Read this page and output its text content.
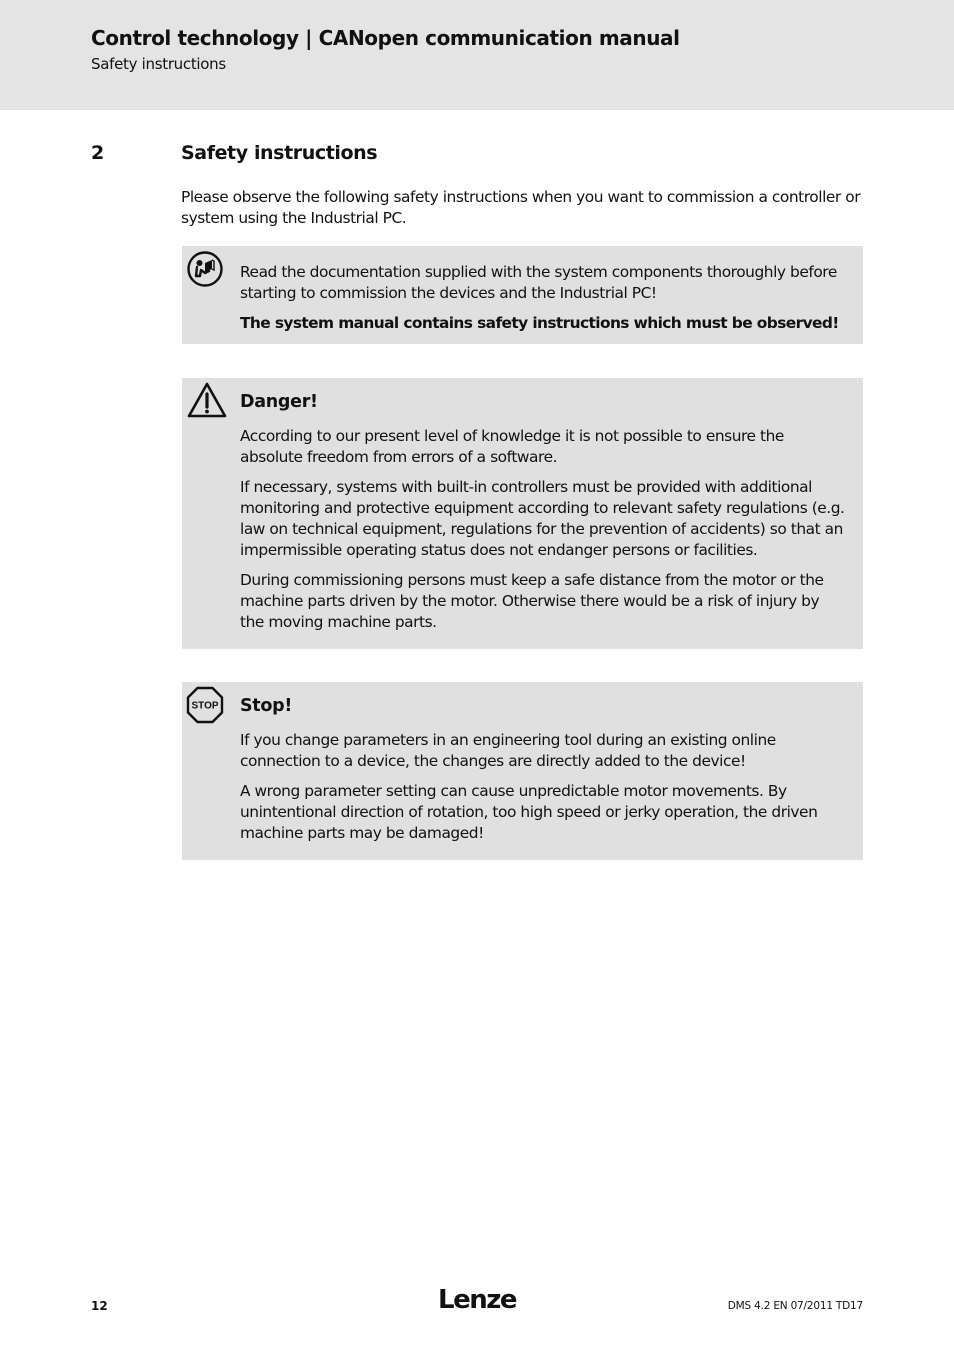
Control technology | CANopen communication manual
Safety instructions
2	Safety instructions

Please observe the following safety instructions when you want to commission a controller or system using the Industrial PC.

Read the documentation supplied with the system components thoroughly before starting to commission the devices and the Industrial PC!

The system manual contains safety instructions which must be observed!

Danger!

According to our present level of knowledge it is not possible to ensure the absolute freedom from errors of a software.

If necessary, systems with built-in controllers must be provided with additional monitoring and protective equipment according to relevant safety regulations (e.g. law on technical equipment, regulations for the prevention of accidents) so that an impermissible operating status does not endanger persons or facilities.

During commissioning persons must keep a safe distance from the motor or the machine parts driven by the motor. Otherwise there would be a risk of injury by the moving machine parts.

STOP Stop!

If you change parameters in an engineering tool during an existing online connection to a device, the changes are directly added to the device!

A wrong parameter setting can cause unpredictable motor movements. By unintentional direction of rotation, too high speed or jerky operation, the driven machine parts may be damaged!

12	Lenze	DMS 4.2 EN 07/2011 TD17
